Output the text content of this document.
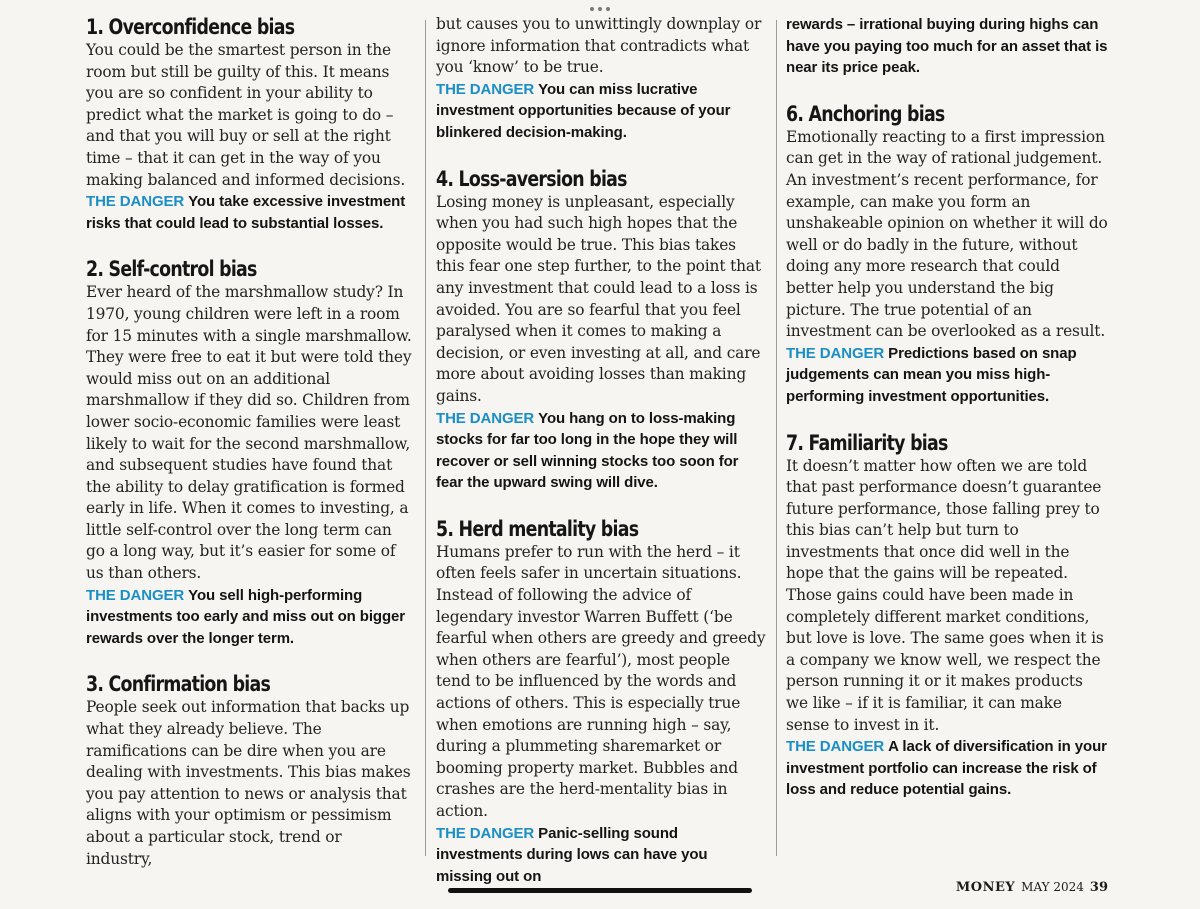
1. Overconfidence bias

You could be the smartest person in the room but still be guilty of this. It means you are so confident in your ability to predict what the market is going to do – and that you will buy or sell at the right time – that it can get in the way of you making balanced and informed decisions.

THE DANGER You take excessive investment risks that could lead to substantial losses.

2. Self-control bias

Ever heard of the marshmallow study? In 1970, young children were left in a room for 15 minutes with a single marshmallow. They were free to eat it but were told they would miss out on an additional marshmallow if they did so. Children from lower socio-economic families were least likely to wait for the second marshmallow, and subsequent studies have found that the ability to delay gratification is formed early in life. When it comes to investing, a little self-control over the long term can go a long way, but it’s easier for some of us than others.

THE DANGER You sell high-performing investments too early and miss out on bigger rewards over the longer term.

3. Confirmation bias

People seek out information that backs up what they already believe. The ramifications can be dire when you are dealing with investments. This bias makes you pay attention to news or analysis that aligns with your optimism or pessimism about a particular stock, trend or industry,

but causes you to unwittingly downplay or ignore information that contradicts what you ‘know’ to be true.

THE DANGER You can miss lucrative investment opportunities because of your blinkered decision-making.

4. Loss-aversion bias

Losing money is unpleasant, especially when you had such high hopes that the opposite would be true. This bias takes this fear one step further, to the point that any investment that could lead to a loss is avoided. You are so fearful that you feel paralysed when it comes to making a decision, or even investing at all, and care more about avoiding losses than making gains.

THE DANGER You hang on to loss-making stocks for far too long in the hope they will recover or sell winning stocks too soon for fear the upward swing will dive.

5. Herd mentality bias

Humans prefer to run with the herd – it often feels safer in uncertain situations. Instead of following the advice of legendary investor Warren Buffett (‘be fearful when others are greedy and greedy when others are fearful’), most people tend to be influenced by the words and actions of others. This is especially true when emotions are running high – say, during a plummeting sharemarket or booming property market. Bubbles and crashes are the herd-mentality bias in action.

THE DANGER Panic-selling sound investments during lows can have you missing out on

rewards – irrational buying during highs can have you paying too much for an asset that is near its price peak.

6. Anchoring bias

Emotionally reacting to a first impression can get in the way of rational judgement. An investment’s recent performance, for example, can make you form an unshakeable opinion on whether it will do well or do badly in the future, without doing any more research that could better help you understand the big picture. The true potential of an investment can be overlooked as a result.

THE DANGER Predictions based on snap judgements can mean you miss high-performing investment opportunities.

7. Familiarity bias

It doesn’t matter how often we are told that past performance doesn’t guarantee future performance, those falling prey to this bias can’t help but turn to investments that once did well in the hope that the gains will be repeated. Those gains could have been made in completely different market conditions, but love is love. The same goes when it is a company we know well, we respect the person running it or it makes products we like – if it is familiar, it can make sense to invest in it.

THE DANGER A lack of diversification in your investment portfolio can increase the risk of loss and reduce potential gains.

MONEY MAY 2024 39
